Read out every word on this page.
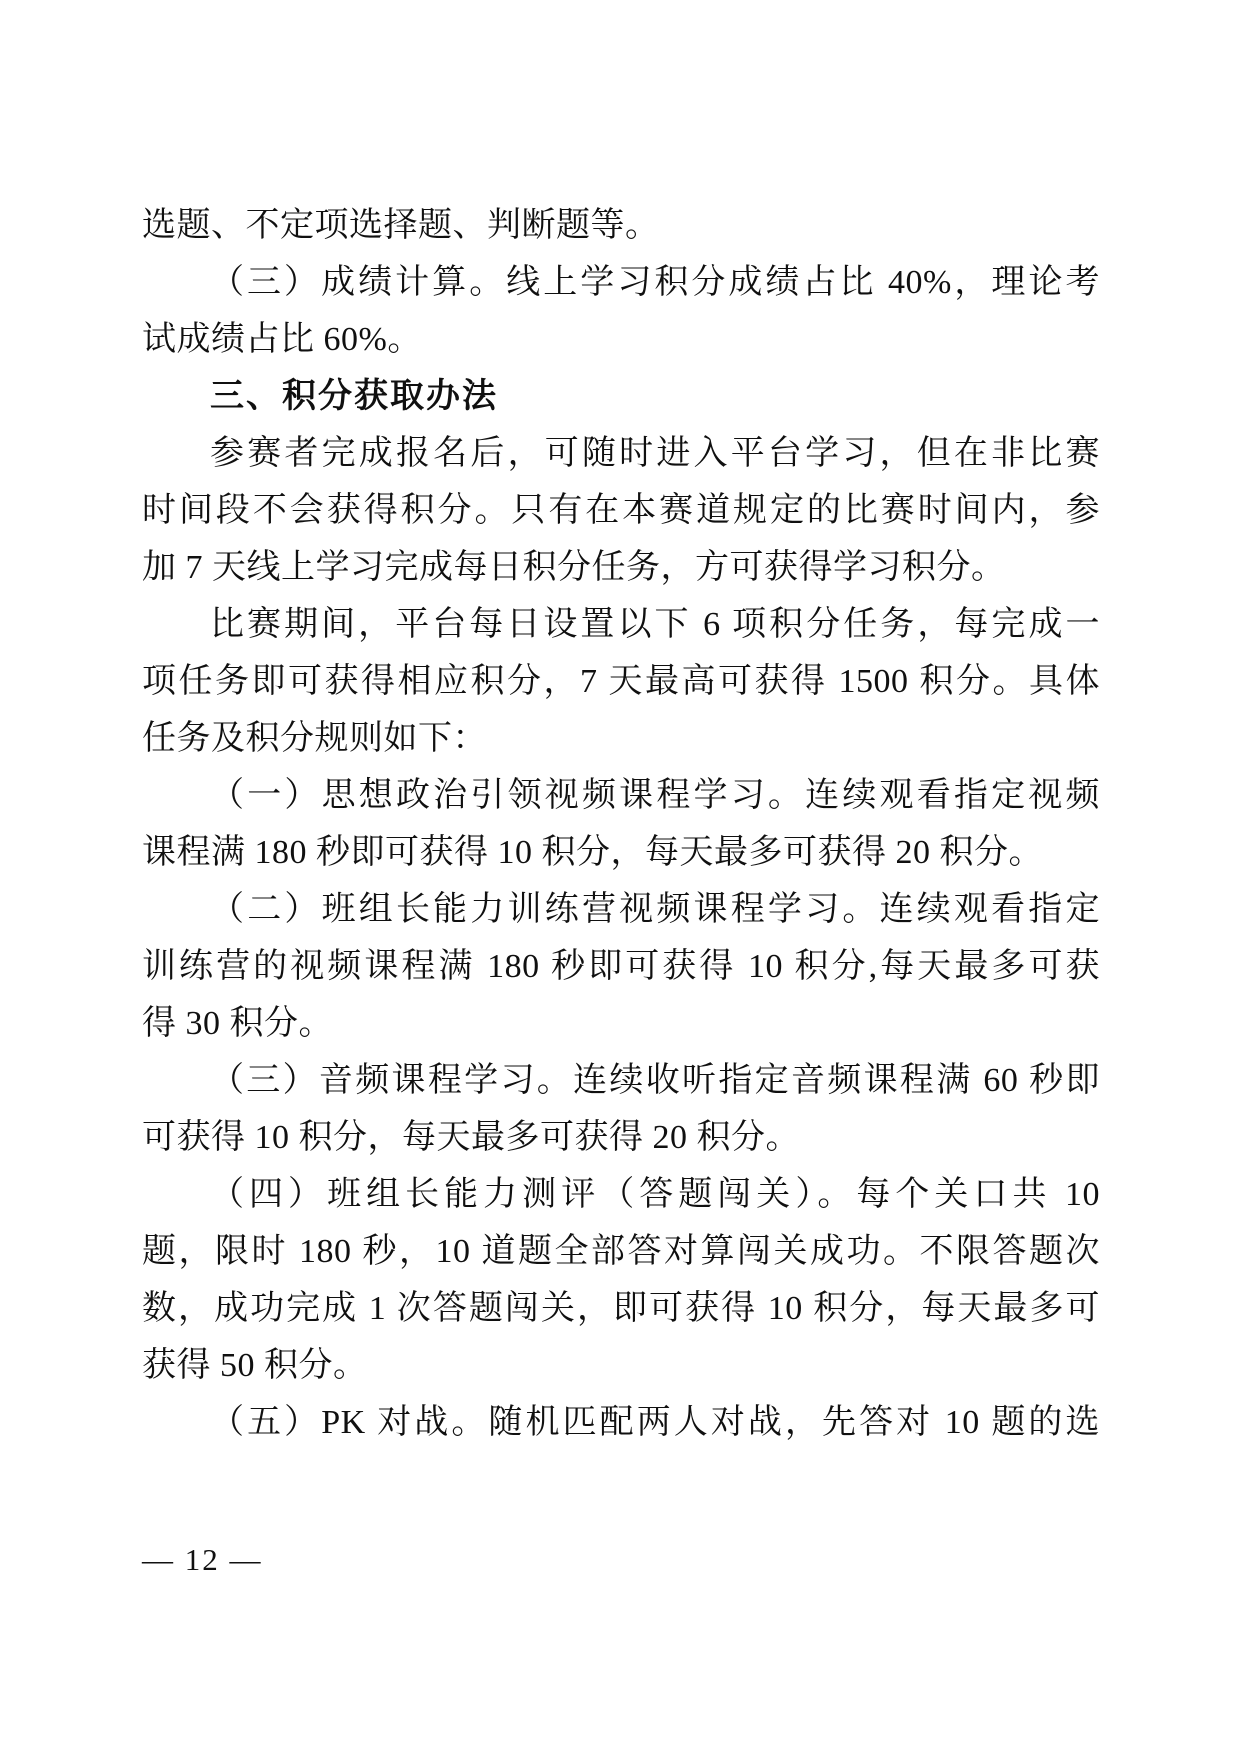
选题、不定项选择题、判断题等。
（三）成绩计算。线上学习积分成绩占比 40%，理论考
试成绩占比 60%。
三、积分获取办法
参赛者完成报名后，可随时进入平台学习，但在非比赛
时间段不会获得积分。只有在本赛道规定的比赛时间内，参
加 7 天线上学习完成每日积分任务，方可获得学习积分。
比赛期间，平台每日设置以下 6 项积分任务，每完成一
项任务即可获得相应积分，7 天最高可获得 1500 积分。具体
任务及积分规则如下：
（一）思想政治引领视频课程学习。连续观看指定视频
课程满 180 秒即可获得 10 积分，每天最多可获得 20 积分。
（二）班组长能力训练营视频课程学习。连续观看指定
训练营的视频课程满 180 秒即可获得 10 积分,每天最多可获
得 30 积分。
（三）音频课程学习。连续收听指定音频课程满 60 秒即
可获得 10 积分，每天最多可获得 20 积分。
（四）班组长能力测评（答题闯关）。每个关口共 10
题，限时 180 秒，10 道题全部答对算闯关成功。不限答题次
数，成功完成 1 次答题闯关，即可获得 10 积分，每天最多可
获得 50 积分。
（五）PK 对战。随机匹配两人对战，先答对 10 题的选
— 12 —
